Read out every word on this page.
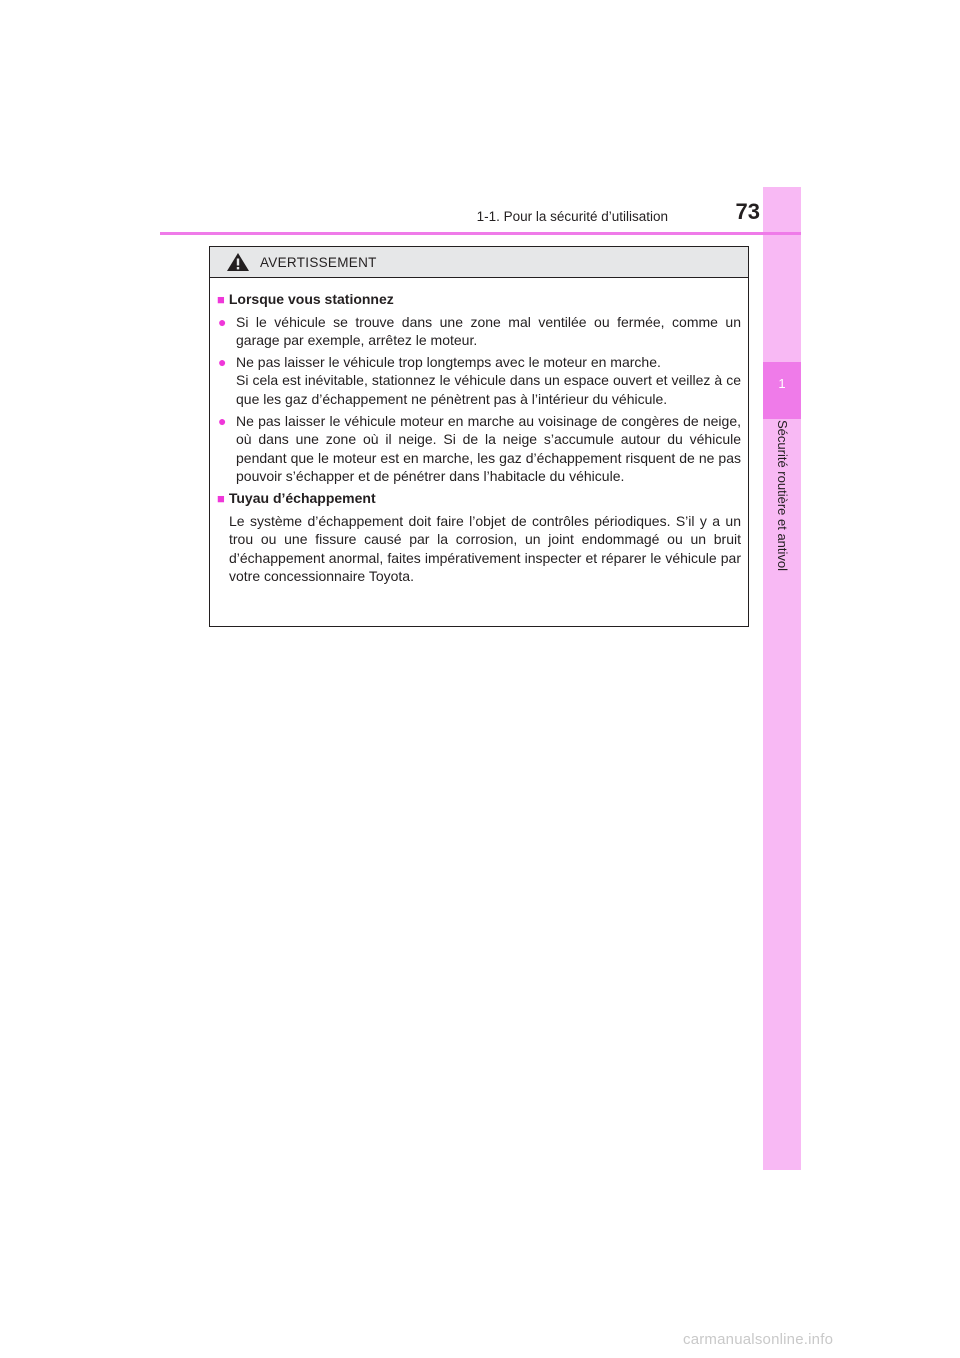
1
Sécurité routière et antivol
1-1. Pour la sécurité d’utilisation	73
AVERTISSEMENT
■ Lorsque vous stationnez
● Si le véhicule se trouve dans une zone mal ventilée ou fermée, comme un garage par exemple, arrêtez le moteur.
● Ne pas laisser le véhicule trop longtemps avec le moteur en marche.
Si cela est inévitable, stationnez le véhicule dans un espace ouvert et veillez à ce que les gaz d’échappement ne pénètrent pas à l’intérieur du véhicule.
● Ne pas laisser le véhicule moteur en marche au voisinage de congères de neige, où dans une zone où il neige. Si de la neige s’accumule autour du véhicule pendant que le moteur est en marche, les gaz d’échappement risquent de ne pas pouvoir s’échapper et de pénétrer dans l’habitacle du véhicule.
■ Tuyau d’échappement
Le système d’échappement doit faire l’objet de contrôles périodiques. S’il y a un trou ou une fissure causé par la corrosion, un joint endommagé ou un bruit d’échappement anormal, faites impérativement inspecter et réparer le véhicule par votre concessionnaire Toyota.
carmanualsonline.info
